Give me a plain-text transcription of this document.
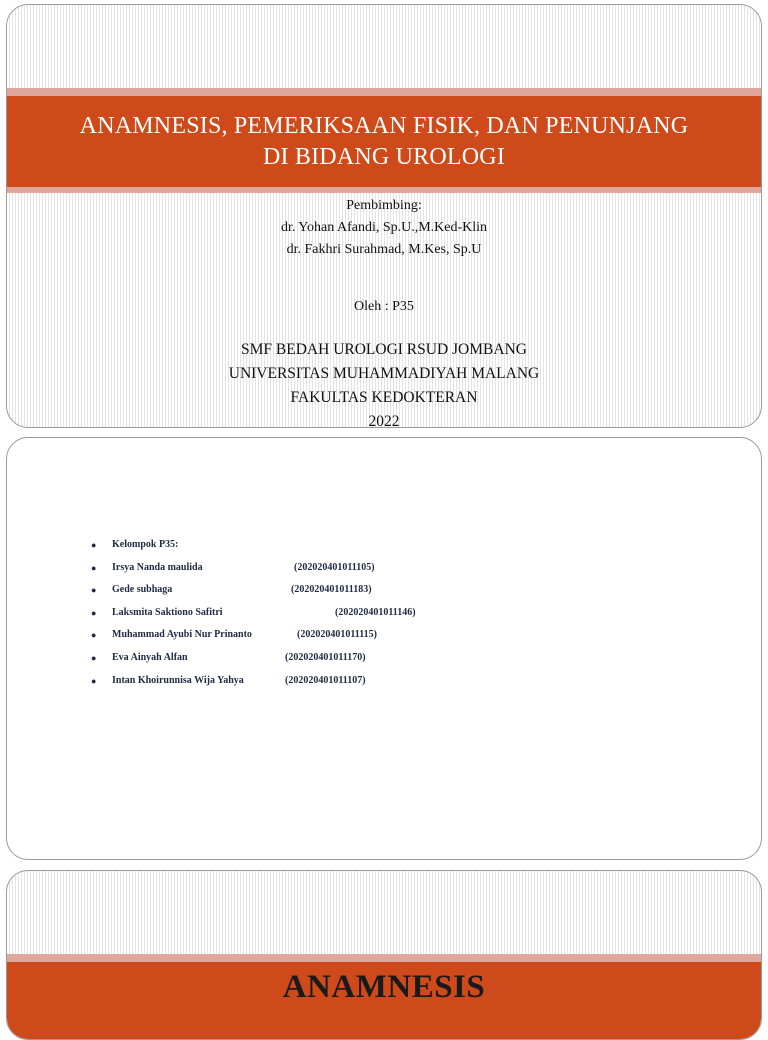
ANAMNESIS, PEMERIKSAAN FISIK, DAN PENUNJANG
DI BIDANG UROLOGI
Pembimbing:
dr. Yohan Afandi, Sp.U.,M.Ked-Klin
dr. Fakhri Surahmad, M.Kes, Sp.U
Oleh : P35
SMF BEDAH UROLOGI RSUD JOMBANG
UNIVERSITAS MUHAMMADIYAH MALANG
FAKULTAS KEDOKTERAN
2022
● Kelompok P35:
● Irsya Nanda maulida	(202020401011105)
● Gede subhaga	(202020401011183)
● Laksmita Saktiono Safitri	(202020401011146)
● Muhammad Ayubi Nur Prinanto	(202020401011115)
● Eva Ainyah Alfan	(202020401011170)
● Intan Khoirunnisa Wija Yahya	(202020401011107)
ANAMNESIS
